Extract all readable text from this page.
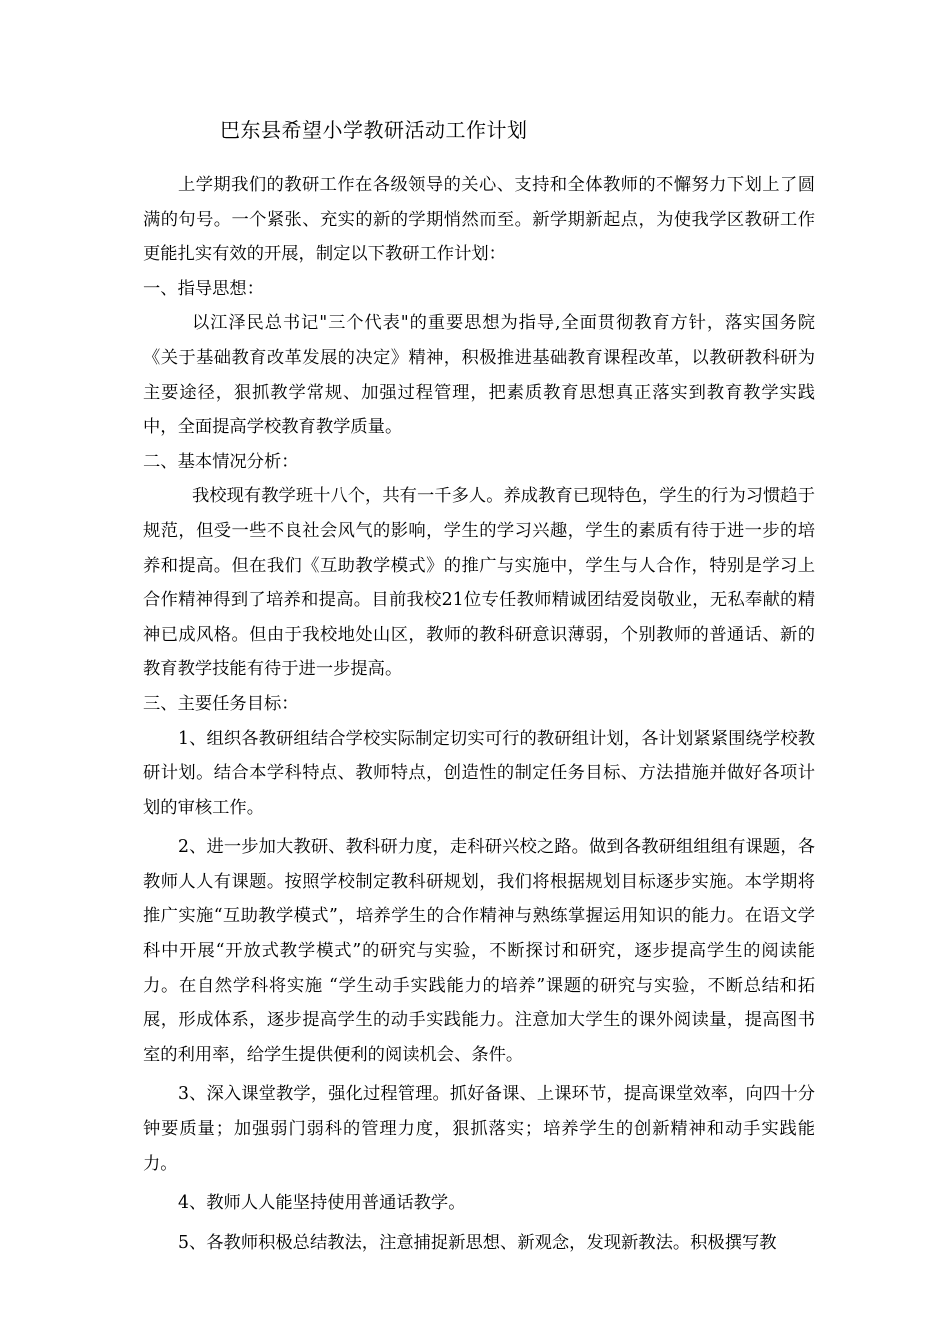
巴东县希望小学教研活动工作计划

上学期我们的教研工作在各级领导的关心、支持和全体教师的不懈努力下划上了圆满的句号。一个紧张、充实的新的学期悄然而至。新学期新起点，为使我学区教研工作更能扎实有效的开展，制定以下教研工作计划：

一、指导思想：

以江泽民总书记"三个代表"的重要思想为指导,全面贯彻教育方针，落实国务院《关于基础教育改革发展的决定》精神，积极推进基础教育课程改革，以教研教科研为主要途径，狠抓教学常规、加强过程管理，把素质教育思想真正落实到教育教学实践中，全面提高学校教育教学质量。

二、基本情况分析：

我校现有教学班十八个，共有一千多人。养成教育已现特色，学生的行为习惯趋于规范，但受一些不良社会风气的影响，学生的学习兴趣，学生的素质有待于进一步的培养和提高。但在我们《互助教学模式》的推广与实施中，学生与人合作，特别是学习上合作精神得到了培养和提高。目前我校21位专任教师精诚团结爱岗敬业，无私奉献的精神已成风格。但由于我校地处山区，教师的教科研意识薄弱，个别教师的普通话、新的教育教学技能有待于进一步提高。

三、主要任务目标：

1、组织各教研组结合学校实际制定切实可行的教研组计划，各计划紧紧围绕学校教研计划。结合本学科特点、教师特点，创造性的制定任务目标、方法措施并做好各项计划的审核工作。

2、进一步加大教研、教科研力度，走科研兴校之路。做到各教研组组组有课题，各教师人人有课题。按照学校制定教科研规划，我们将根据规划目标逐步实施。本学期将推广实施“互助教学模式”，培养学生的合作精神与熟练掌握运用知识的能力。在语文学科中开展“开放式教学模式”的研究与实验，不断探讨和研究，逐步提高学生的阅读能力。在自然学科将实施 “学生动手实践能力的培养”课题的研究与实验，不断总结和拓展，形成体系，逐步提高学生的动手实践能力。注意加大学生的课外阅读量，提高图书室的利用率，给学生提供便利的阅读机会、条件。

3、深入课堂教学，强化过程管理。抓好备课、上课环节，提高课堂效率，向四十分钟要质量；加强弱门弱科的管理力度，狠抓落实；培养学生的创新精神和动手实践能力。

4、教师人人能坚持使用普通话教学。

5、各教师积极总结教法，注意捕捉新思想、新观念，发现新教法。积极撰写教
